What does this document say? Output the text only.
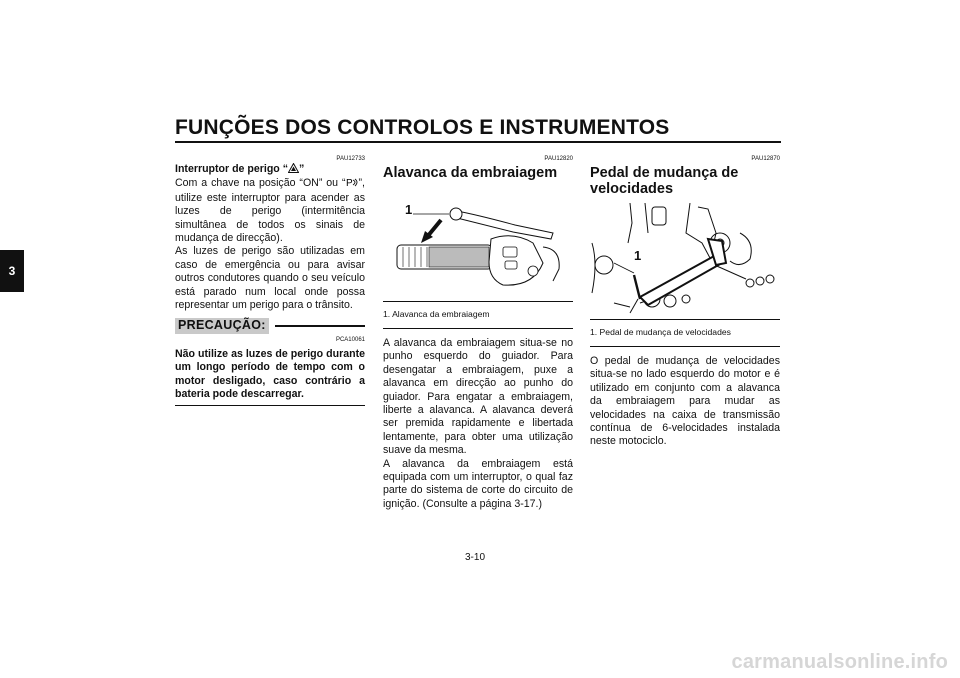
FUNÇÕES DOS CONTROLOS E INSTRUMENTOS
3
PAU12733
Interruptor de perigo “ ”

Com a chave na posição “ON” ou “ P ”, utilize este interruptor para acender as luzes de perigo (intermitência simultânea de todos os sinais de mudança de direcção).

As luzes de perigo são utilizadas em caso de emergência ou para avisar outros condutores quando o seu veículo está parado num local onde possa representar um perigo para o trânsito.

PRECAUÇÃO:
PCA10061

Não utilize as luzes de perigo durante um longo período de tempo com o motor desligado, caso contrário a bateria pode descarregar.

PAU12820
Alavanca da embraiagem
1
1. Alavanca da embraiagem

A alavanca da embraiagem situa-se no punho esquerdo do guiador. Para desengatar a embraiagem, puxe a alavanca em direcção ao punho do guiador. Para engatar a embraiagem, liberte a alavanca. A alavanca deverá ser premida rapidamente e libertada lentamente, para obter uma utilização suave da mesma.

A alavanca da embraiagem está equipada com um interruptor, o qual faz parte do sistema de corte do circuito de ignição. (Consulte a página 3-17.)

PAU12870
Pedal de mudança de velocidades
1
1. Pedal de mudança de velocidades

O pedal de mudança de velocidades situa-se no lado esquerdo do motor e é utilizado em conjunto com a alavanca da embraiagem para mudar as velocidades na caixa de transmissão contínua de 6-velocidades instalada neste motociclo.

3-10
carmanualsonline.info
